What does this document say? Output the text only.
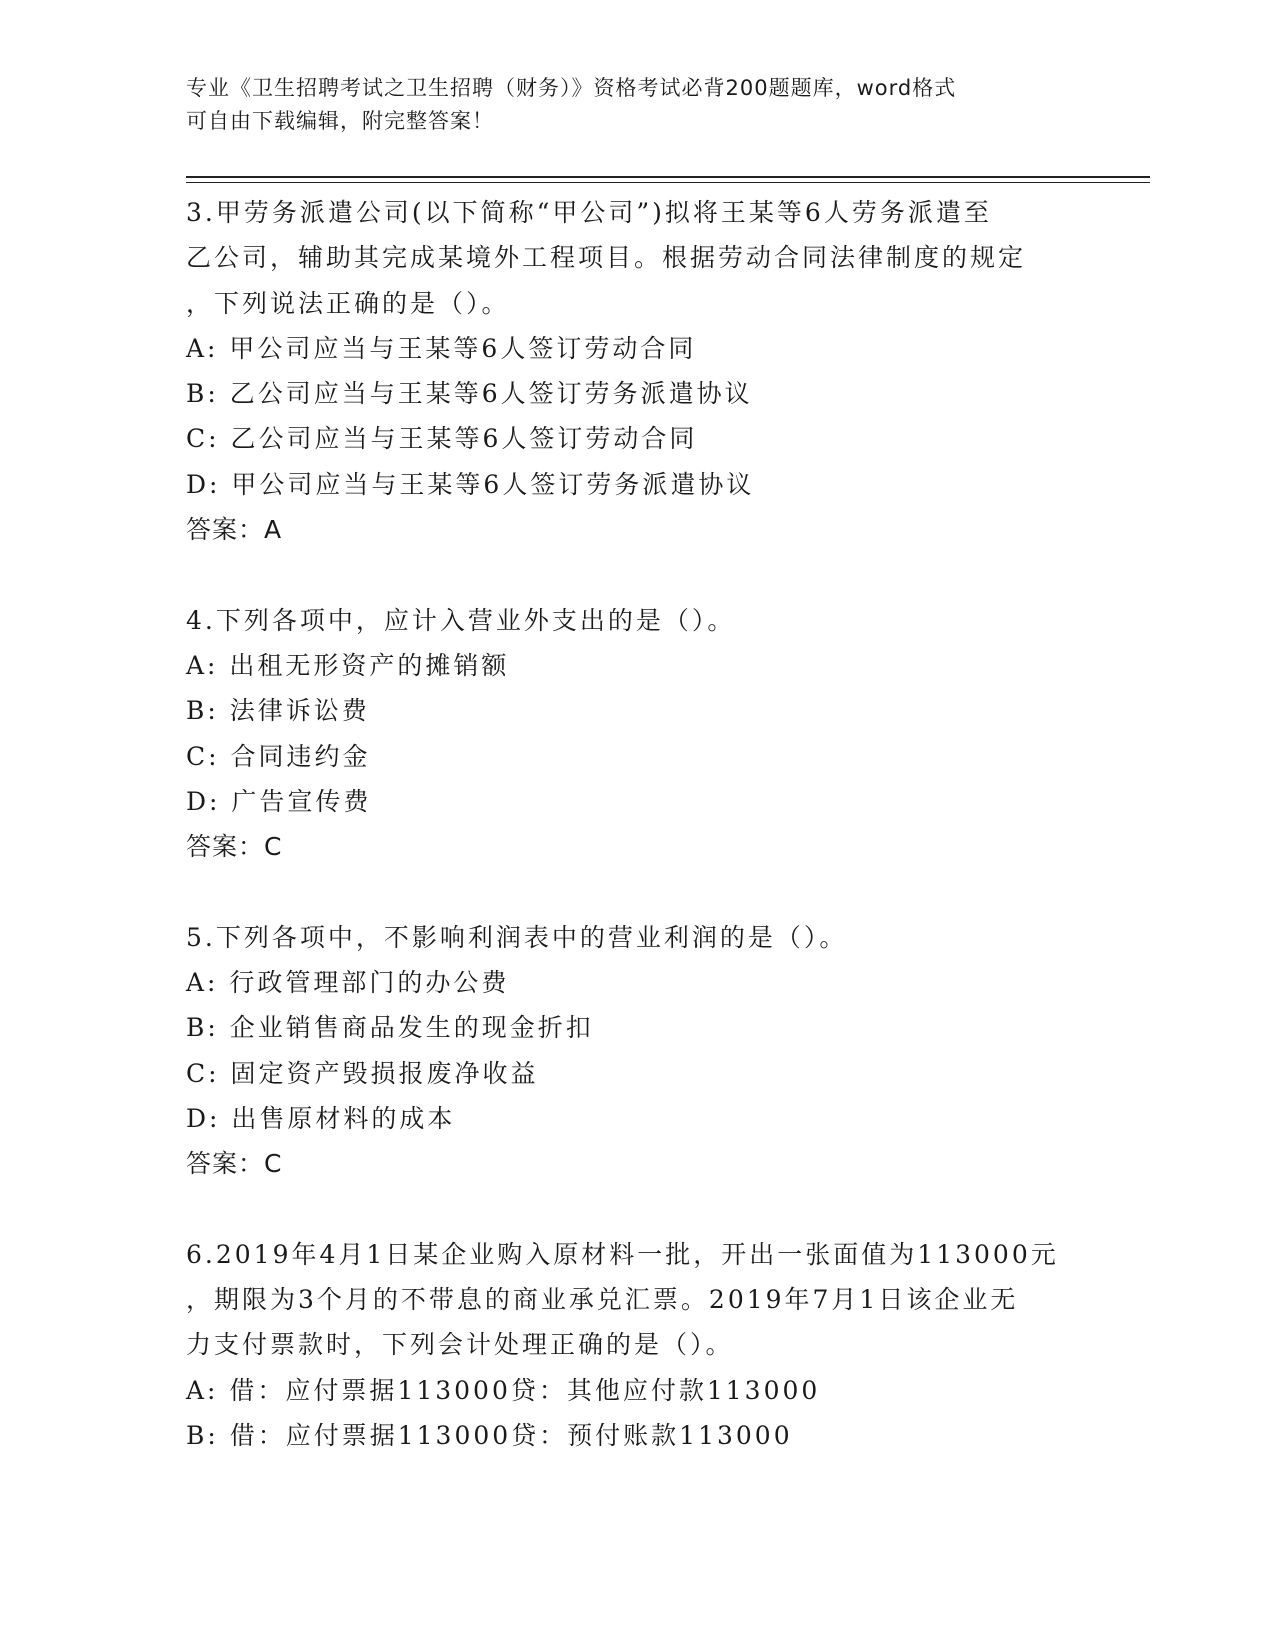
专业《卫生招聘考试之卫生招聘（财务）》资格考试必背200题题库，word格式
可自由下载编辑，附完整答案！
3.甲劳务派遣公司(以下简称“甲公司”)拟将王某等6人劳务派遣至
乙公司，辅助其完成某境外工程项目。根据劳动合同法律制度的规定
，下列说法正确的是（）。
A: 甲公司应当与王某等6人签订劳动合同
B: 乙公司应当与王某等6人签订劳务派遣协议
C: 乙公司应当与王某等6人签订劳动合同
D: 甲公司应当与王某等6人签订劳务派遣协议
答案：A
4.下列各项中，应计入营业外支出的是（）。
A: 出租无形资产的摊销额
B: 法律诉讼费
C: 合同违约金
D: 广告宣传费
答案：C
5.下列各项中，不影响利润表中的营业利润的是（）。
A: 行政管理部门的办公费
B: 企业销售商品发生的现金折扣
C: 固定资产毁损报废净收益
D: 出售原材料的成本
答案：C
6.2019年4月1日某企业购入原材料一批，开出一张面值为113000元
，期限为3个月的不带息的商业承兑汇票。2019年7月1日该企业无
力支付票款时，下列会计处理正确的是（）。
A: 借：应付票据113000贷：其他应付款113000
B: 借：应付票据113000贷：预付账款113000
